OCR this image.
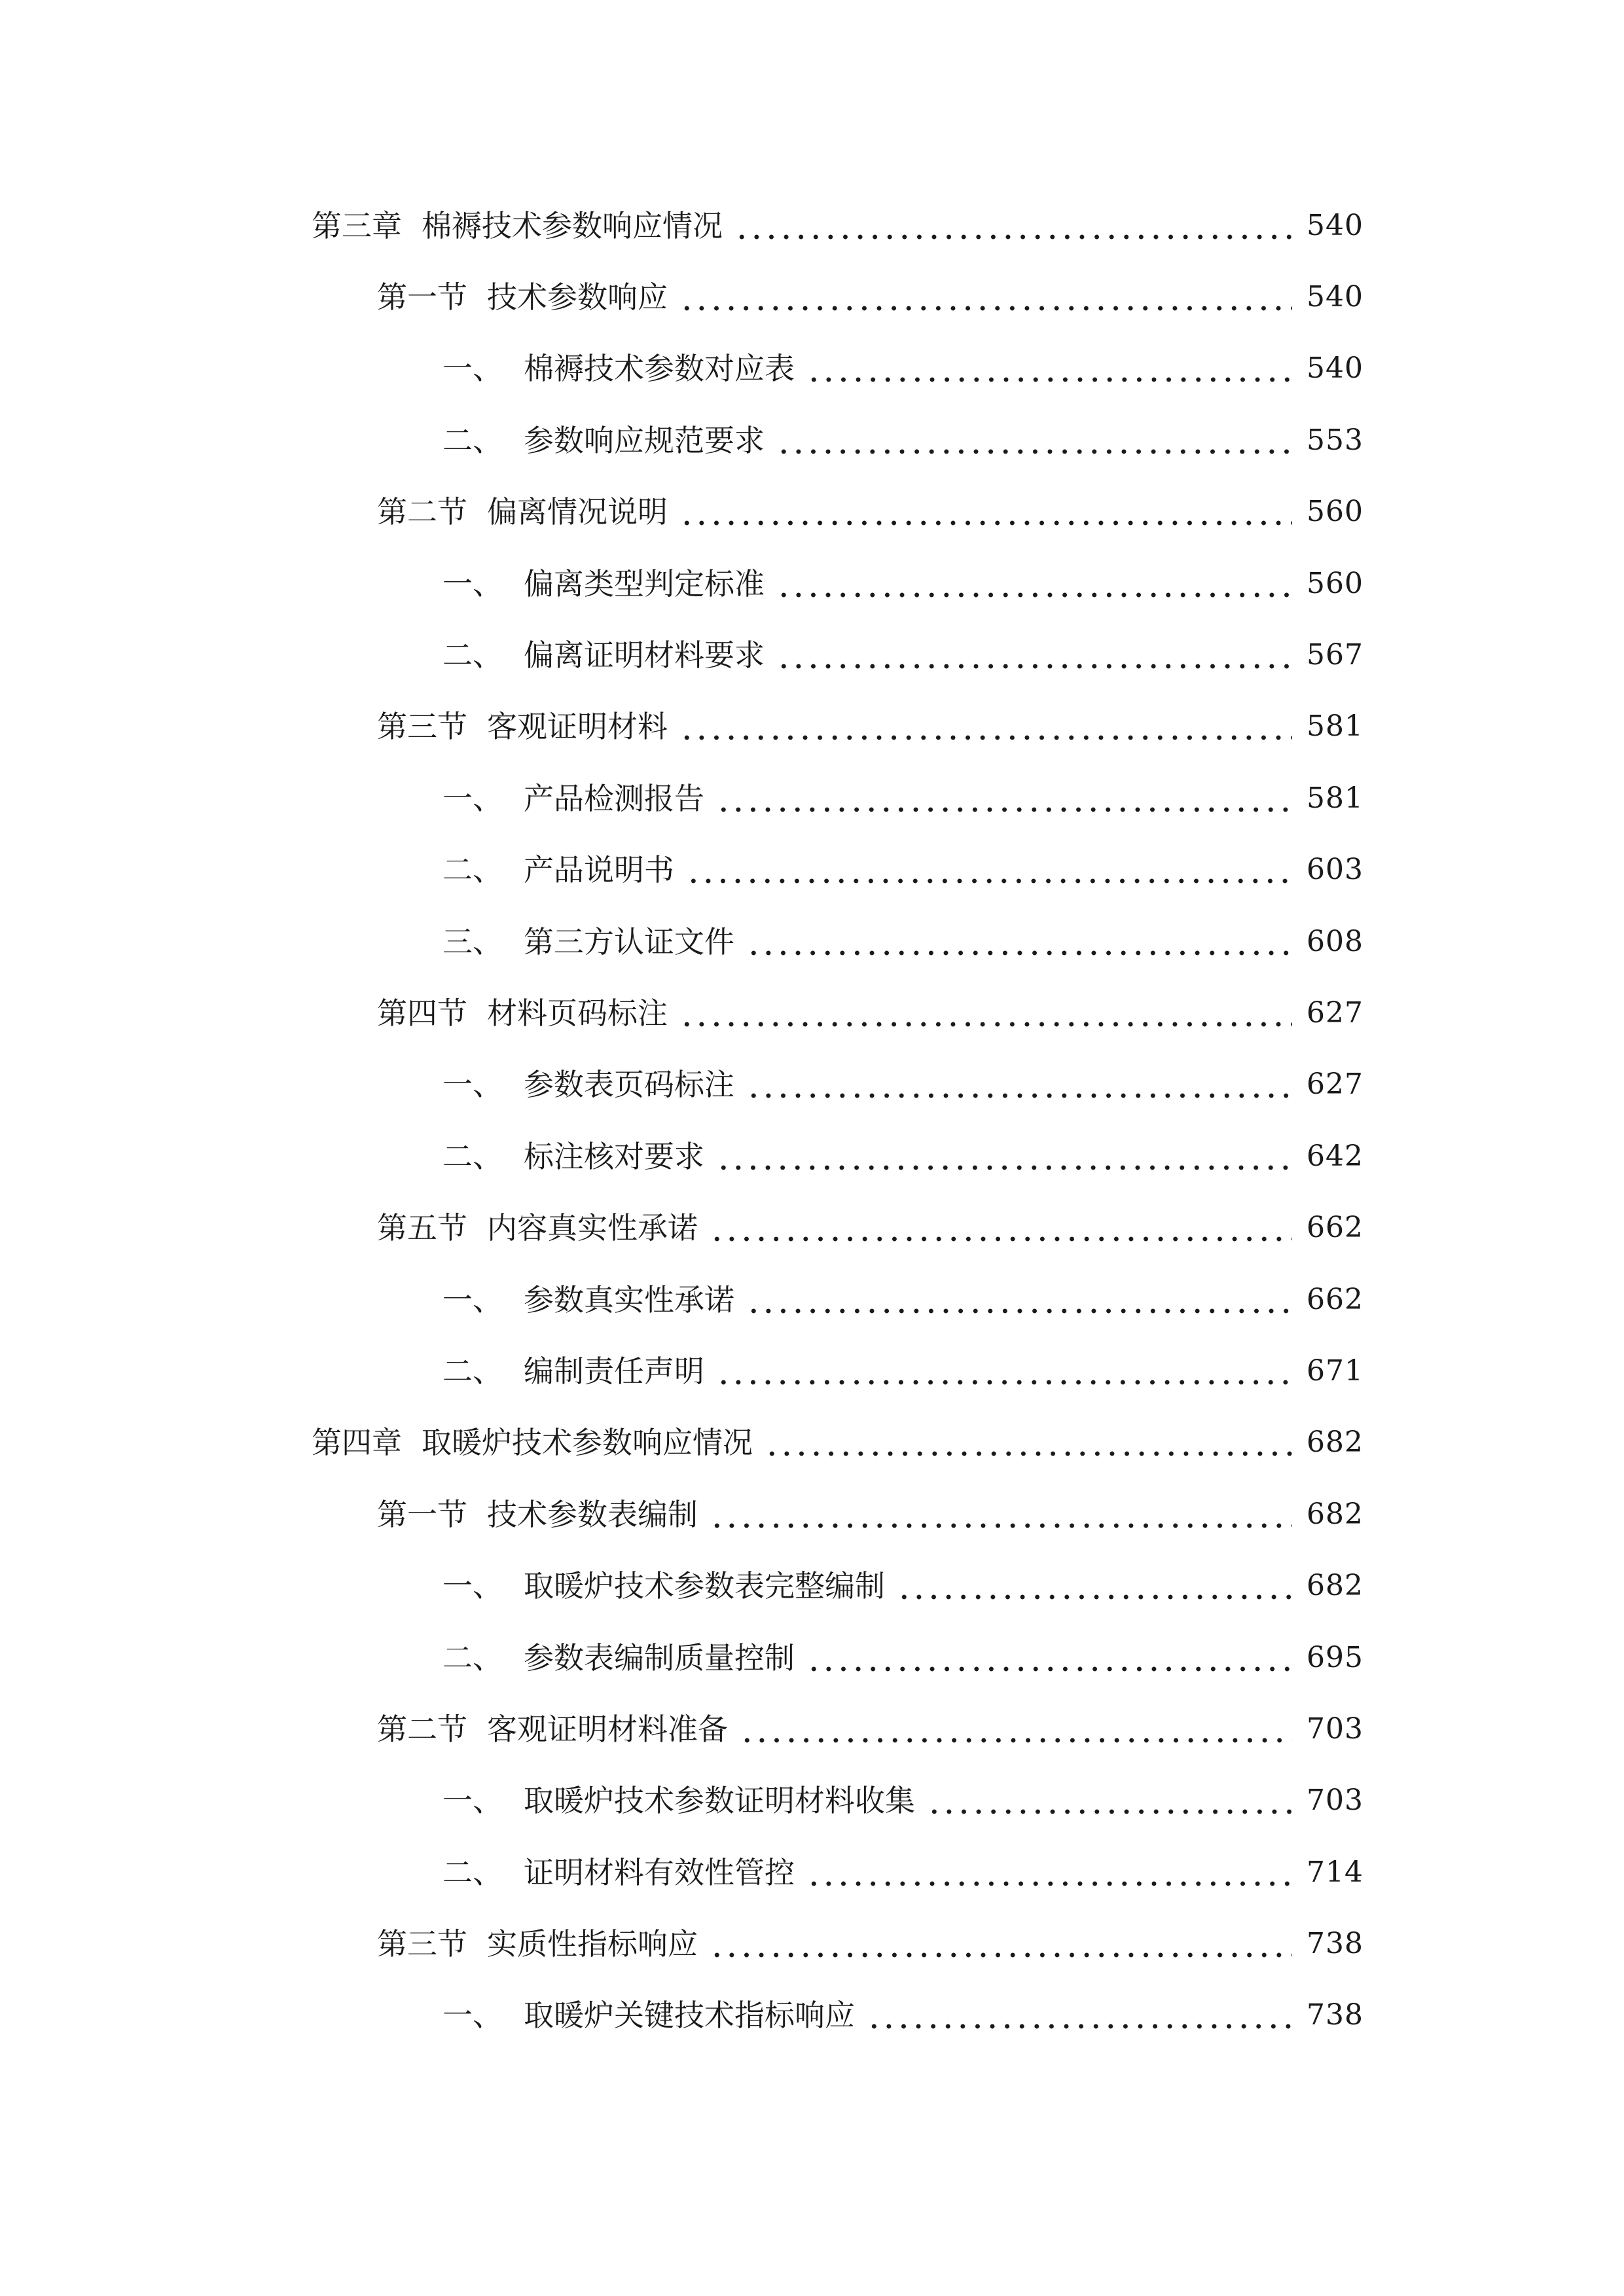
第三章 棉褥技术参数响应情况	540
第一节 技术参数响应	540
一、 棉褥技术参数对应表	540
二、 参数响应规范要求	553
第二节 偏离情况说明	560
一、 偏离类型判定标准	560
二、 偏离证明材料要求	567
第三节 客观证明材料	581
一、 产品检测报告	581
二、 产品说明书	603
三、 第三方认证文件	608
第四节 材料页码标注	627
一、 参数表页码标注	627
二、 标注核对要求	642
第五节 内容真实性承诺	662
一、 参数真实性承诺	662
二、 编制责任声明	671
第四章 取暖炉技术参数响应情况	682
第一节 技术参数表编制	682
一、 取暖炉技术参数表完整编制	682
二、 参数表编制质量控制	695
第二节 客观证明材料准备	703
一、 取暖炉技术参数证明材料收集	703
二、 证明材料有效性管控	714
第三节 实质性指标响应	738
一、 取暖炉关键技术指标响应	738
